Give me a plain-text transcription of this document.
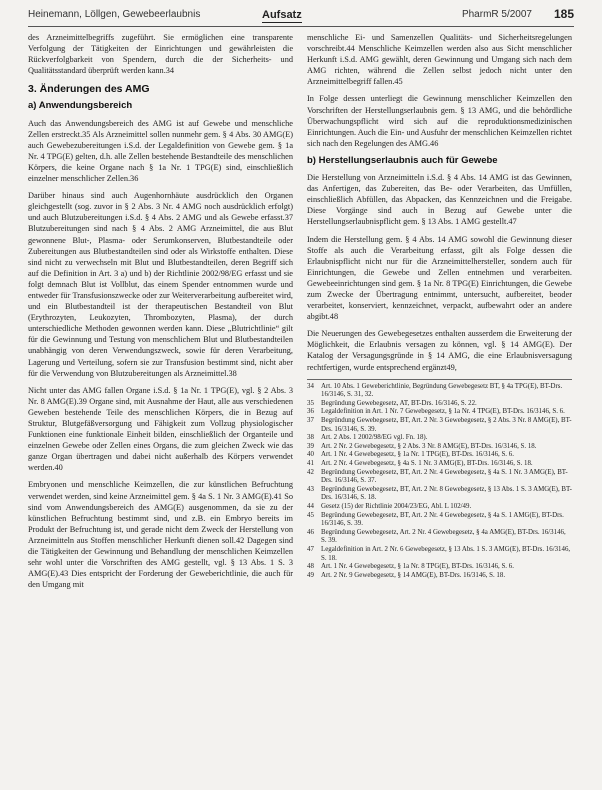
Heinemann, Löllgen, Gewebeerlaubnis	Aufsatz	PharmR 5/2007 185

des Arzneimittelbegriffs zugeführt. Sie ermöglichen eine transparente Verfolgung der Tätigkeiten der Einrichtungen und gewährleisten die Rückverfolgbarkeit von Spendern, durch die der Sicherheits- und Qualitätsstandard überprüft werden kann.34

3. Änderungen des AMG
a) Anwendungsbereich

Auch das Anwendungsbereich des AMG ist auf Gewebe und menschliche Zellen erstreckt.35 Als Arzneimittel sollen nunmehr gem. § 4 Abs. 30 AMG(E) auch Gewebezubereitungen i.S.d. der Legaldefinition von Gewebe gem. § 1a Nr. 4 TPG(E) gelten, d.h. alle Zellen bestehende Bestandteile des menschlichen Körpers, die keine Organe nach § 1a Nr. 1 TPG(E) sind, einschließlich einzelner menschlicher Zellen.36

Darüber hinaus sind auch Augenhornhäute ausdrücklich den Organen gleichgestellt (sog. zuvor in § 2 Abs. 3 Nr. 4 AMG noch ausdrücklich erfolgt) und auch Blutzubereitungen i.S.d. § 4 Abs. 2 AMG und als Gewebe erfasst.37 Blutzubereitungen sind nach § 4 Abs. 2 AMG Arzneimittel, die aus Blut gewonnene Blut-, Plasma- oder Serumkonserven, Blutbestandteile oder Zubereitungen aus Blutbestandteilen sind oder als Wirkstoffe enthalten. Diese sind nicht zu verwechseln mit Blut und Blutbestandteilen, deren Begriff sich auf die Definition in Art. 3 a) und b) der Richtlinie 2002/98/EG erfasst und sie folgt demnach Blut ist Vollblut, das einem Spender entnommen wurde und entweder für Transfusionszwecke oder zur Weiterverarbeitung aufbereitet wird, und ein Blutbestandteil ist der therapeutischen Bestandteil von Blut (Erythrozyten, Leukozyten, Thrombozyten, Plasma), der durch unterschiedliche Methoden gewonnen werden kann. Diese „Blutrichtlinie“ gilt für die Gewinnung und Testung von menschlichem Blut und Blutbestandteilen unabhängig von deren Verwendungszweck, sowie für deren Verarbeitung, Lagerung und Verteilung, sofern sie zur Transfusion bestimmt sind, nicht aber für die Verwendung von Blutzubereitungen als Arzneimittel.38

Nicht unter das AMG fallen Organe i.S.d. § 1a Nr. 1 TPG(E), vgl. § 2 Abs. 3 Nr. 8 AMG(E).39 Organe sind, mit Ausnahme der Haut, alle aus verschiedenen Geweben bestehende Teile des menschlichen Körpers, die in Bezug auf Struktur, Blutgefäßversorgung und Fähigkeit zum Vollzug physiologischer Funktionen eine funktionale Einheit bilden, einschließlich der Organteile und einzelnen Gewebe oder Zellen eines Organs, die zum gleichen Zweck wie das ganze Organ übertragen und dabei nicht außerhalb des Körpers verwendet werden.40

Embryonen und menschliche Keimzellen, die zur künstlichen Befruchtung verwendet werden, sind keine Arzneimittel gem. § 4a S. 1 Nr. 3 AMG(E).41 So sind vom Anwendungsbereich des AMG(E) ausgenommen, da sie zu der künstlichen Befruchtung bestimmt sind, und z.B. ein Embryo bereits im Produkt der Befruchtung ist, und gerade nicht dem Zweck der Herstellung von Arzneimitteln aus Stoffen menschlicher Herkunft dienen soll.42 Dagegen sind die Tätigkeiten der Gewinnung und Behandlung der menschlichen Keimzellen sehr wohl unter die Vorschriften des AMG gestellt, vgl. § 13 Abs. 1 S. 3 AMG(E).43 Dies entspricht der Forderung der Geweberichtlinie, die auch für den Umgang mit

menschliche Ei- und Samenzellen Qualitäts- und Sicherheitsregelungen vorschreibt.44 Menschliche Keimzellen werden also aus Sicht menschlicher Herkunft i.S.d. AMG gewählt, deren Gewinnung und Umgang sich nach dem AMG richten, während die Zellen selbst jedoch nicht unter den Arzneimittelbegriff fallen.45

In Folge dessen unterliegt die Gewinnung menschlicher Keimzellen den Vorschriften der Herstellungserlaubnis gem. § 13 AMG, und die behördliche Überwachungspflicht wird sich auf die reproduktionsmedizinischen Einrichtungen. Auch die Ein- und Ausfuhr der menschlichen Keimzellen richtet sich nach den Regelungen des AMG.46

b) Herstellungserlaubnis auch für Gewebe

Die Herstellung von Arzneimitteln i.S.d. § 4 Abs. 14 AMG ist das Gewinnen, das Anfertigen, das Zubereiten, das Be- oder Verarbeiten, das Umfüllen, einschließlich Abfüllen, das Abpacken, das Kennzeichnen und die Freigabe. Diese Vorgänge sind auch in Bezug auf Gewebe unter die Herstellungserlaubnispflicht gem. § 13 Abs. 1 AMG gestellt.47

Indem die Herstellung gem. § 4 Abs. 14 AMG sowohl die Gewinnung dieser Stoffe als auch die Verarbeitung erfasst, gilt als Folge dessen die Erlaubnispflicht nicht nur für die Arzneimittelhersteller, sondern auch für Einrichtungen, die Gewebe und Zellen entnehmen und verarbeiten. Gewebeeinrichtungen sind gem. § 1a Nr. 8 TPG(E) Einrichtungen, die Gewebe zum Zwecke der Übertragung entnimmt, untersucht, aufbereitet, beoder verarbeitet, konserviert, kennzeichnet, verpackt, aufbewahrt oder an andere abgibt.48

Die Neuerungen des Gewebegesetzes enthalten ausserdem die Erweiterung der Möglichkeit, die Erlaubnis versagen zu können, vgl. § 14 AMG(E). Der Katalog der Versagungsgründe in § 14 AMG, die eine Erlaubnisversagung rechtfertigen, wurde entsprechend ergänzt49,

34	Art. 10 Abs. 1 Geweberichtlinie, Begründung Gewebegesetz BT, § 4a TPG(E), BT-Drs. 16/3146, S. 31, 32.
35	Begründung Gewebegesetz, AT, BT-Drs. 16/3146, S. 22.
36	Legaldefinition in Art. 1 Nr. 7 Gewebegesetz, § 1a Nr. 4 TPG(E), BT-Drs. 16/3146, S. 6.
37	Begründung Gewebegesetz, BT, Art. 2 Nr. 3 Gewebegesetz, § 2 Abs. 3 Nr. 8 AMG(E), BT-Drs. 16/3146, S. 39.
38	Art. 2 Abs. 1 2002/98/EG vgl. Fn. 18).
39	Art. 2 Nr. 2 Gewebegesetz, § 2 Abs. 3 Nr. 8 AMG(E), BT-Drs. 16/3146, S. 18.
40	Art. 1 Nr. 4 Gewebegesetz, § 1a Nr. 1 TPG(E), BT-Drs. 16/3146, S. 6.
41	Art. 2 Nr. 4 Gewebegesetz, § 4a S. 1 Nr. 3 AMG(E), BT-Drs. 16/3146, S. 18.
42	Begründung Gewebegesetz, BT, Art. 2 Nr. 4 Gewebegesetz, § 4a S. 1 Nr. 3 AMG(E), BT-Drs. 16/3146, S. 37.
43	Begründung Gewebegesetz, BT, Art. 2 Nr. 8 Gewebegesetz, § 13 Abs. 1 S. 3 AMG(E), BT-Drs. 16/3146, S. 18.
44	Gesetz (15) der Richtlinie 2004/23/EG, Abl. L 102/49.
45	Begründung Gewebegesetz, BT, Art. 2 Nr. 4 Gewebegesetz, § 4a S. 1 AMG(E), BT-Drs. 16/3146, S. 39.
46	Begründung Gewebegesetz, Art. 2 Nr. 4 Gewebegesetz, § 4a AMG(E), BT-Drs. 16/3146, S. 39.
47	Legaldefinition in Art. 2 Nr. 6 Gewebegesetz, § 13 Abs. 1 S. 3 AMG(E), BT-Drs. 16/3146, S. 18.
48	Art. 1 Nr. 4 Gewebegesetz, § 1a Nr. 8 TPG(E), BT-Drs. 16/3146, S. 6.
49	Art. 2 Nr. 9 Gewebegesetz, § 14 AMG(E), BT-Drs. 16/3146, S. 18.
